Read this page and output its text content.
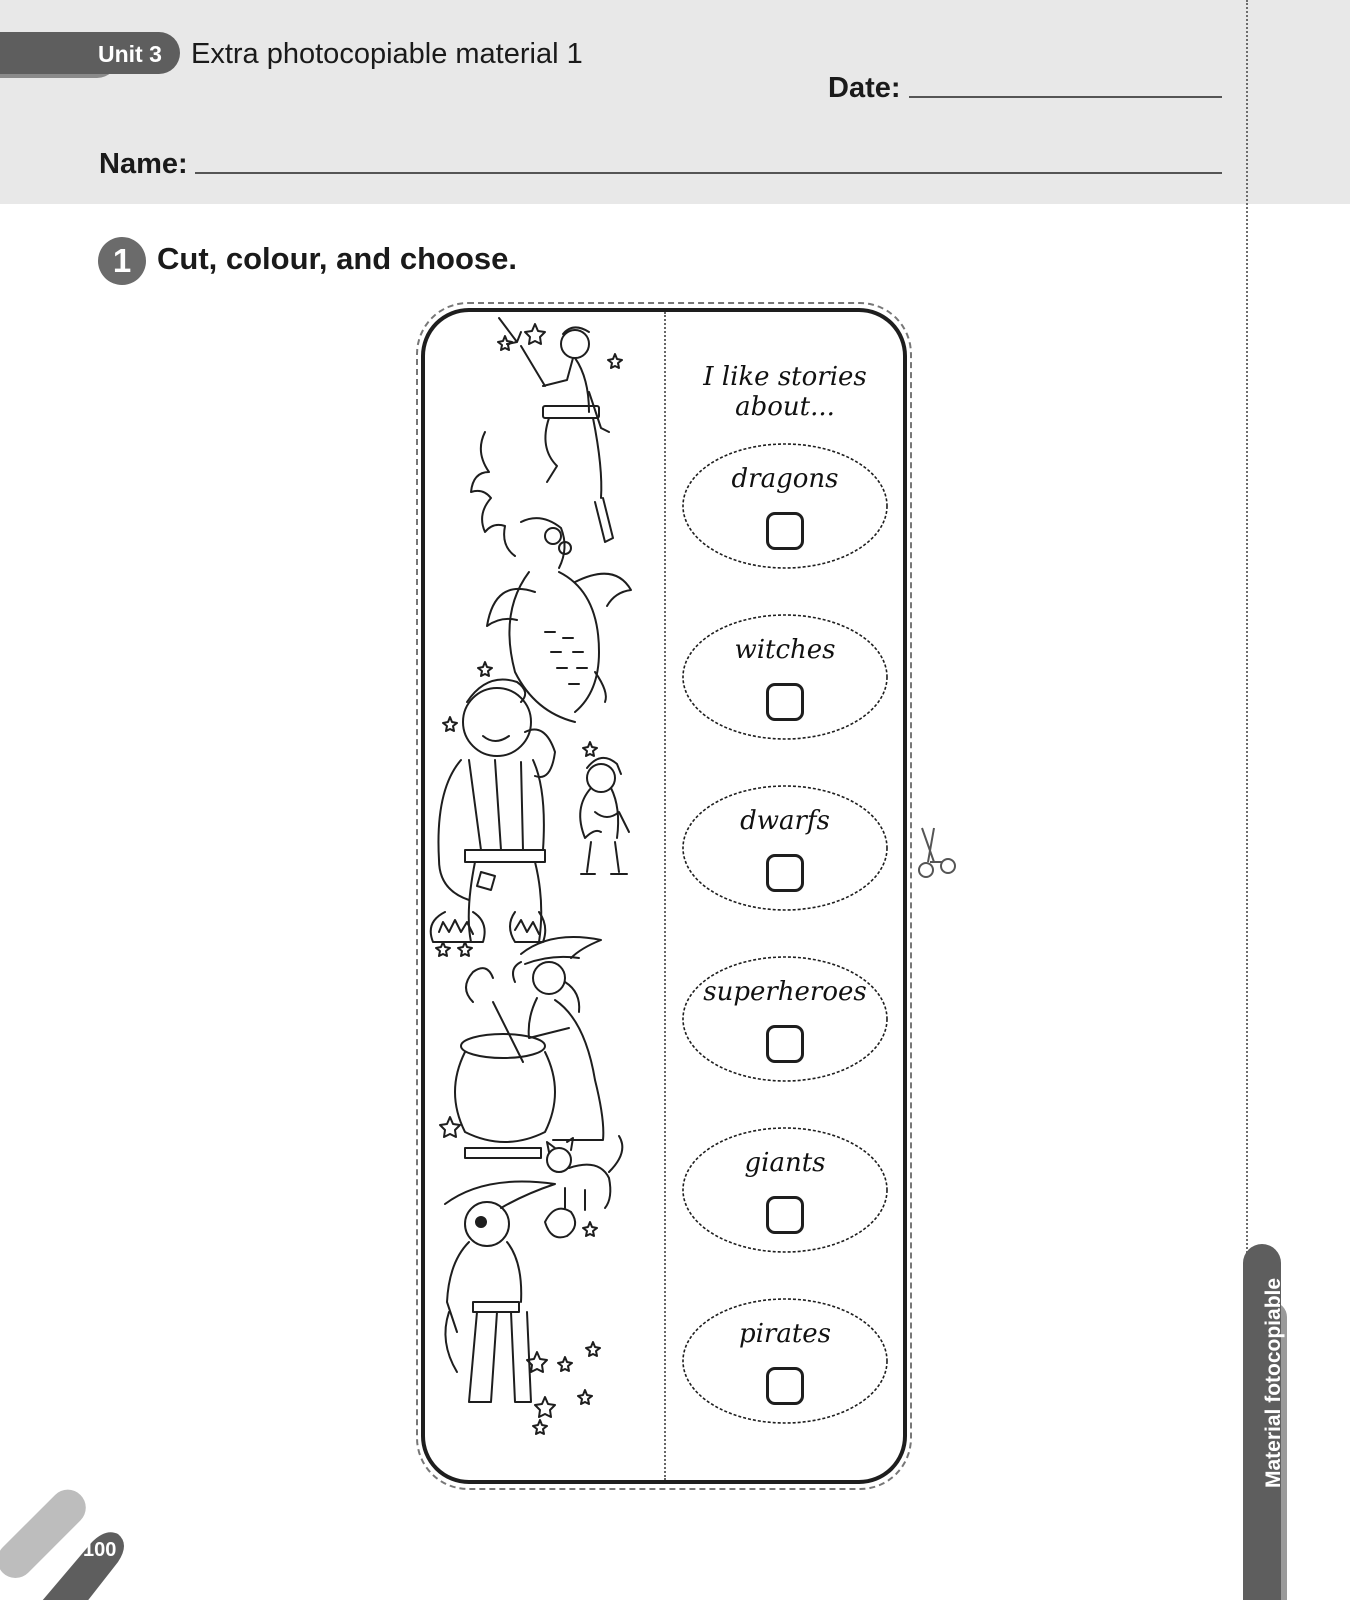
Unit 3 Extra photocopiable material 1
Date:
Name:
1 Cut, colour, and choose.
I like stories about...
dragons
witches
dwarfs
superheroes
giants
pirates	Material fotocopiable
100
